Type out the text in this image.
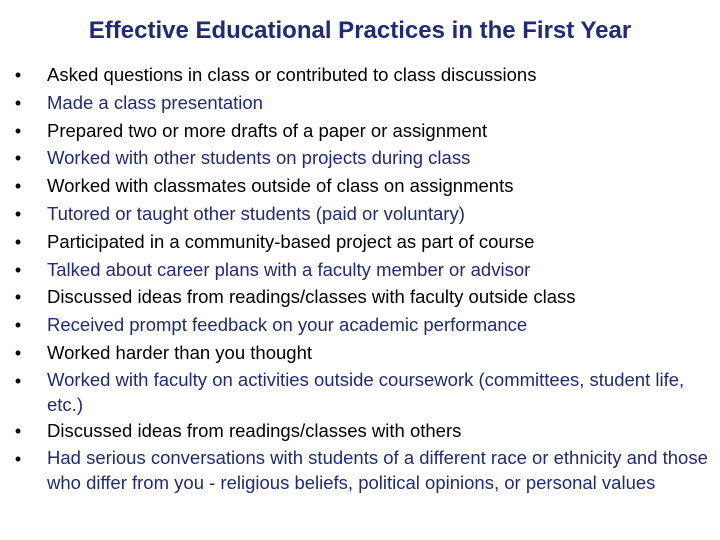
Effective Educational Practices in the First Year
• Asked questions in class or contributed to class discussions
• Made a class presentation
• Prepared two or more drafts of a paper or assignment
• Worked with other students on projects during class
• Worked with classmates outside of class on assignments
• Tutored or taught other students (paid or voluntary)
• Participated in a community-based project as part of course
• Talked about career plans with a faculty member or advisor
• Discussed ideas from readings/classes with faculty outside class
• Received prompt feedback on your academic performance
• Worked harder than you thought
• Worked with faculty on activities outside coursework (committees, student life, etc.)
• Discussed ideas from readings/classes with others
• Had serious conversations with students of a different race or ethnicity and those who differ from you - religious beliefs, political opinions, or personal values
